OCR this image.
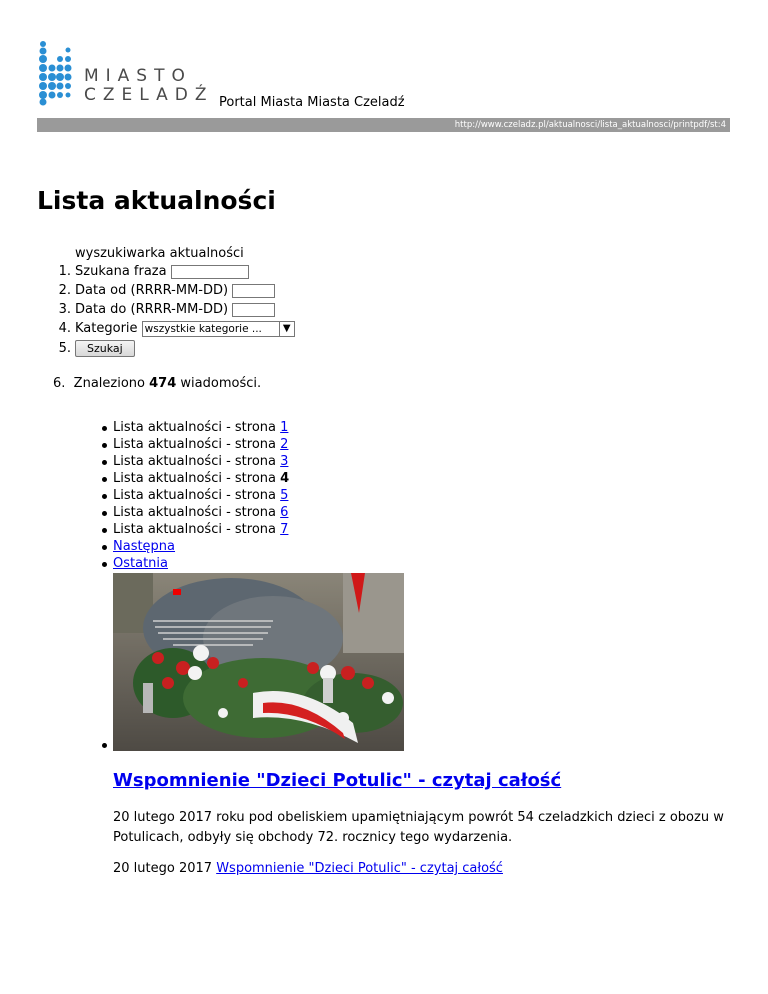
MIASTO
CZELADŹ Portal Miasta Miasta Czeladź
http://www.czeladz.pl/aktualnosci/lista_aktualnosci/printpdf/st:4
Lista aktualności
wyszukiwarka aktualności
1. Szukana fraza
2. Data od (RRRR-MM-DD)
3. Data do (RRRR-MM-DD)
4. Kategorie wszystkie kategorie ...	▼
5. Szukaj
6. Znaleziono 474 wiadomości.
Lista aktualności - strona 1
Lista aktualności - strona 2
Lista aktualności - strona 3
Lista aktualności - strona 4
Lista aktualności - strona 5
Lista aktualności - strona 6
Lista aktualności - strona 7
Następna
Ostatnia
Wspomnienie "Dzieci Potulic" - czytaj całość
20 lutego 2017 roku pod obeliskiem upamiętniającym powrót 54 czeladzkich dzieci z obozu w Potulicach, odbyły się obchody 72. rocznicy tego wydarzenia.
20 lutego 2017 Wspomnienie "Dzieci Potulic" - czytaj całość
